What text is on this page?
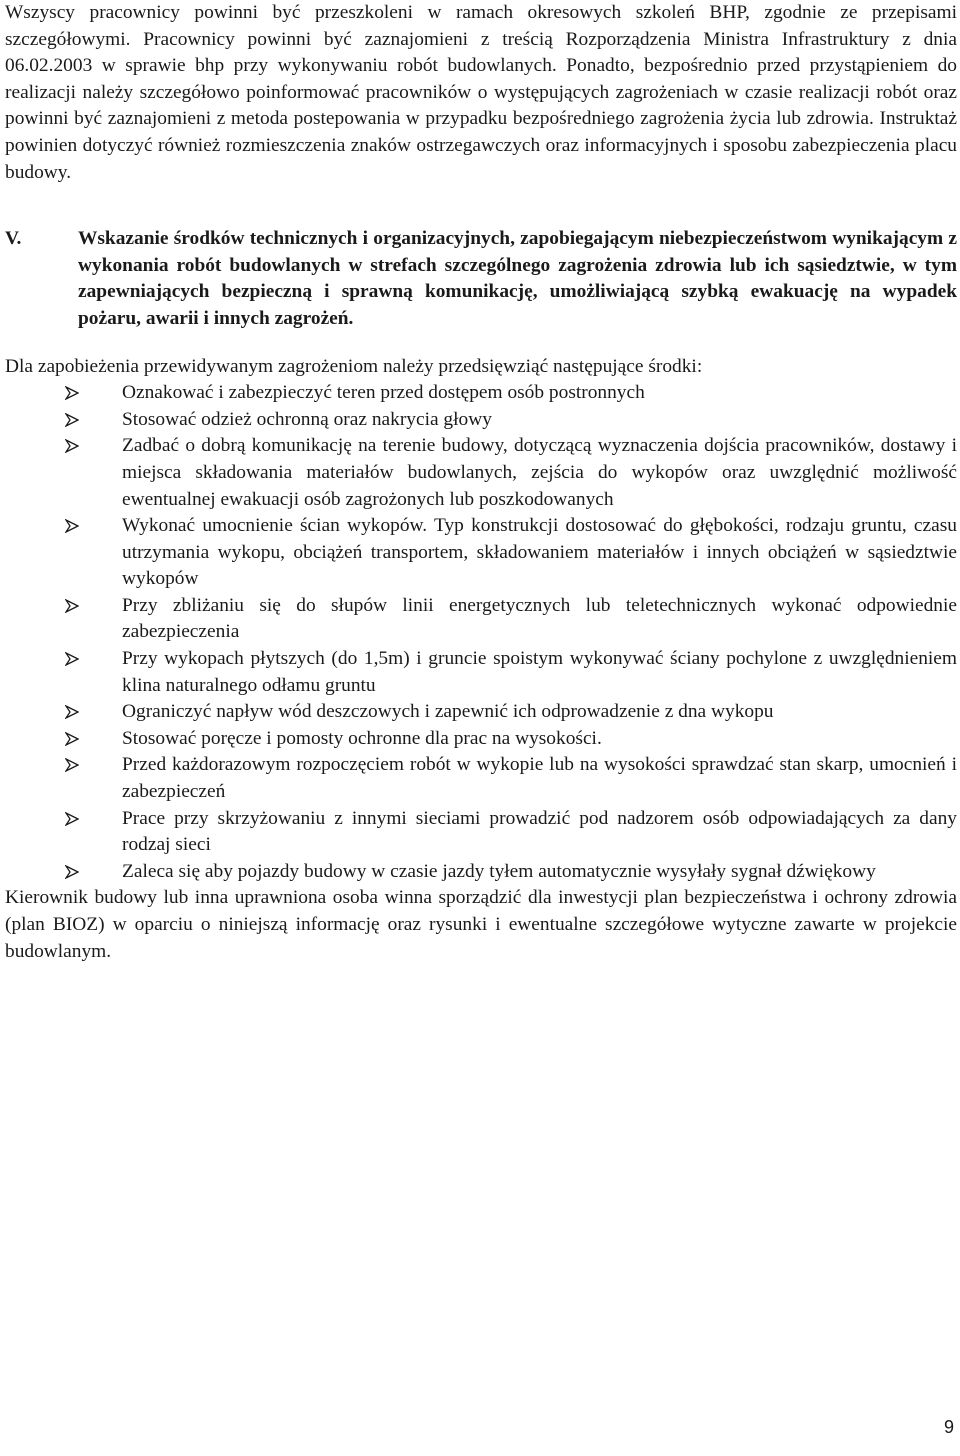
Wszyscy pracownicy powinni być przeszkoleni w ramach okresowych szkoleń BHP, zgodnie ze przepisami szczegółowymi. Pracownicy powinni być zaznajomieni z treścią Rozporządzenia Ministra Infrastruktury z dnia 06.02.2003 w sprawie bhp przy wykonywaniu robót budowlanych. Ponadto, bezpośrednio przed przystąpieniem do realizacji należy szczegółowo poinformować pracowników o występujących zagrożeniach w czasie realizacji robót oraz powinni być zaznajomieni z metoda postepowania w przypadku bezpośredniego zagrożenia życia lub zdrowia. Instruktaż powinien dotyczyć również rozmieszczenia znaków ostrzegawczych oraz informacyjnych i sposobu zabezpieczenia placu budowy.

V.	Wskazanie środków technicznych i organizacyjnych, zapobiegającym niebezpieczeństwom wynikającym z wykonania robót budowlanych w strefach szczególnego zagrożenia zdrowia lub ich sąsiedztwie, w tym zapewniających bezpieczną i sprawną komunikację, umożliwiającą szybką ewakuację na wypadek pożaru, awarii i innych zagrożeń.

Dla zapobieżenia przewidywanym zagrożeniom należy przedsięwziąć następujące środki:

Oznakować i zabezpieczyć teren przed dostępem osób postronnych
Stosować odzież ochronną oraz nakrycia głowy
Zadbać o dobrą komunikację na terenie budowy, dotyczącą wyznaczenia dojścia pracowników, dostawy i miejsca składowania materiałów budowlanych, zejścia do wykopów oraz uwzględnić możliwość ewentualnej ewakuacji osób zagrożonych lub poszkodowanych
Wykonać umocnienie ścian wykopów. Typ konstrukcji dostosować do głębokości, rodzaju gruntu, czasu utrzymania wykopu, obciążeń transportem, składowaniem materiałów i innych obciążeń w sąsiedztwie wykopów
Przy zbliżaniu się do słupów linii energetycznych lub teletechnicznych wykonać odpowiednie zabezpieczenia
Przy wykopach płytszych (do 1,5m) i gruncie spoistym wykonywać ściany pochylone z uwzględnieniem klina naturalnego odłamu gruntu
Ograniczyć napływ wód deszczowych i zapewnić ich odprowadzenie z dna wykopu
Stosować poręcze i pomosty ochronne dla prac na wysokości.
Przed każdorazowym rozpoczęciem robót w wykopie lub na wysokości sprawdzać stan skarp, umocnień i zabezpieczeń
Prace przy skrzyżowaniu z innymi sieciami prowadzić pod nadzorem osób odpowiadających za dany rodzaj sieci
Zaleca się aby pojazdy budowy w czasie jazdy tyłem automatycznie wysyłały sygnał dźwiękowy

Kierownik budowy lub inna uprawniona osoba winna sporządzić dla inwestycji plan bezpieczeństwa i ochrony zdrowia (plan BIOZ) w oparciu o niniejszą informację oraz rysunki i ewentualne szczegółowe wytyczne zawarte w projekcie budowlanym.

9
